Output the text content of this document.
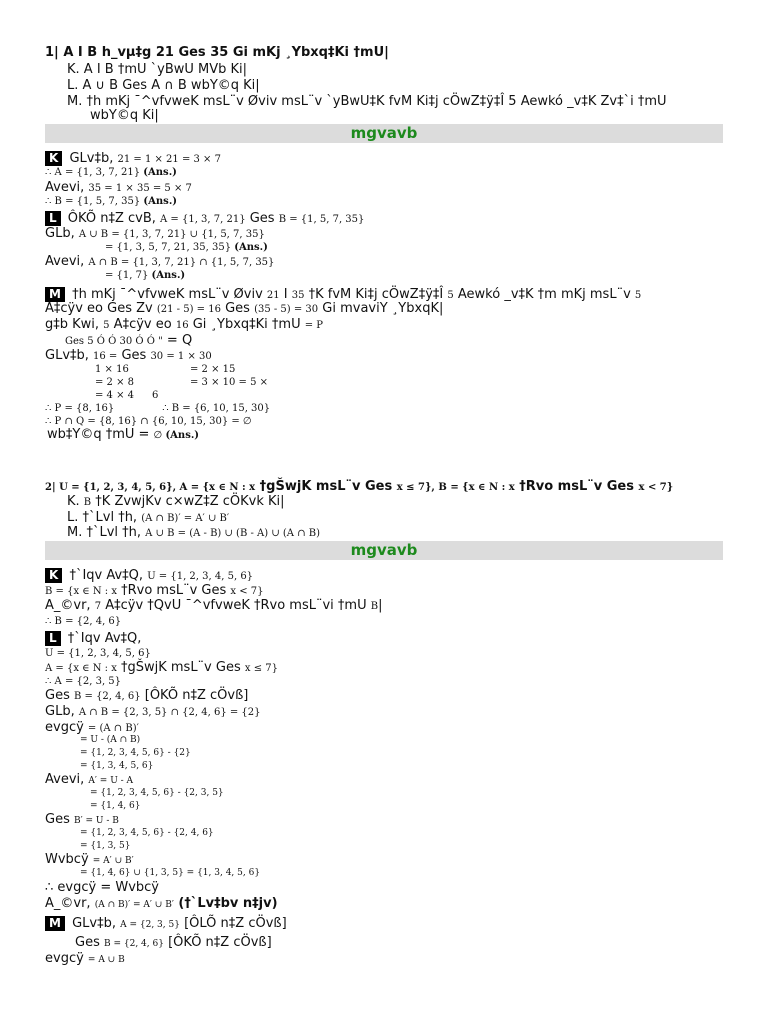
1| A I B h_vµ‡g 21 Ges 35 Gi mKj ¸Ybxq‡Ki †mU|
K. A I B †mU `yBwU MVb Ki|
L. A ∪ B Ges A ∩ B wbY©q Ki|
M. †h mKj ¯^vfvweK msL¨v Øviv msL¨v `yBwU‡K fvM Ki‡j cÖwZ‡ÿ‡Î 5 Aewkó _v‡K Zv‡`i †mU
wbY©q Ki|
mgvavb
K GLv‡b, 21 = 1 × 21 = 3 × 7
∴ A = {1, 3, 7, 21} (Ans.)
Avevi, 35 = 1 × 35 = 5 × 7
∴ B = {1, 5, 7, 35} (Ans.)
L ÔKÕ n‡Z cvB, A = {1, 3, 7, 21} Ges B = {1, 5, 7, 35}
GLb, A ∪ B = {1, 3, 7, 21} ∪ {1, 5, 7, 35}
= {1, 3, 5, 7, 21, 35, 35} (Ans.)
Avevi, A ∩ B = {1, 3, 7, 21} ∩ {1, 5, 7, 35}
= {1, 7} (Ans.)
M †h mKj ¯^vfvweK msL¨v Øviv 21 I 35 †K fvM Ki‡j cÖwZ‡ÿ‡Î 5 Aewkó _v‡K †m mKj msL¨v 5
A‡cÿv eo Ges Zv (21 - 5) = 16 Ges (35 - 5) = 30 Gi mvaviY ¸YbxqK|
g‡b Kwi, 5 A‡cÿv eo 16 Gi ¸Ybxq‡Ki †mU = P
Ges 5 Ó Ó 30 Ó Ó " = Q
GLv‡b, 16 = Ges 30 = 1 × 30
1 × 16	= 2 × 15
= 2 × 8	= 3 × 10 = 5 ×
= 4 × 4 6
∴ P = {8, 16}	∴ B = {6, 10, 15, 30}
∴ P ∩ Q = {8, 16} ∩ {6, 10, 15, 30} = ∅
wb‡Y©q †mU = ∅ (Ans.)
2| U = {1, 2, 3, 4, 5, 6}, A = {x ∈ N : x †gŠwjK msL¨v Ges x ≤ 7}, B = {x ∈ N : x †Rvo msL¨v Ges x < 7}
K. B †K ZvwjKv c×wZ‡Z cÖKvk Ki|
L. †`Lvl †h, (A ∩ B)′ = A′ ∪ B′
M. †`Lvl †h, A ∪ B = (A - B) ∪ (B - A) ∪ (A ∩ B)
mgvavb
K †`Iqv Av‡Q, U = {1, 2, 3, 4, 5, 6}
B = {x ∈ N : x †Rvo msL¨v Ges x < 7}
A_©vr, 7 A‡cÿv †QvU ¯^vfvweK †Rvo msL¨vi †mU B|
∴ B = {2, 4, 6}
L †`Iqv Av‡Q,
U = {1, 2, 3, 4, 5, 6}
A = {x ∈ N : x †gŠwjK msL¨v Ges x ≤ 7}
∴ A = {2, 3, 5}
Ges B = {2, 4, 6} [ÔKÕ n‡Z cÖvß]
GLb, A ∩ B = {2, 3, 5} ∩ {2, 4, 6} = {2}
evgcÿ = (A ∩ B)′
= U - (A ∩ B)
= {1, 2, 3, 4, 5, 6} - {2}
= {1, 3, 4, 5, 6}
Avevi, A′ = U - A
= {1, 2, 3, 4, 5, 6} - {2, 3, 5}
= {1, 4, 6}
Ges B′ = U - B
= {1, 2, 3, 4, 5, 6} - {2, 4, 6}
= {1, 3, 5}
Wvbcÿ = A′ ∪ B′
= {1, 4, 6} ∪ {1, 3, 5} = {1, 3, 4, 5, 6}
∴ evgcÿ = Wvbcÿ
A_©vr, (A ∩ B)′ = A′ ∪ B′ (†`Lv‡bv n‡jv)
M GLv‡b, A = {2, 3, 5} [ÔLÕ n‡Z cÖvß]
Ges B = {2, 4, 6} [ÔKÕ n‡Z cÖvß]
evgcÿ = A ∪ B
